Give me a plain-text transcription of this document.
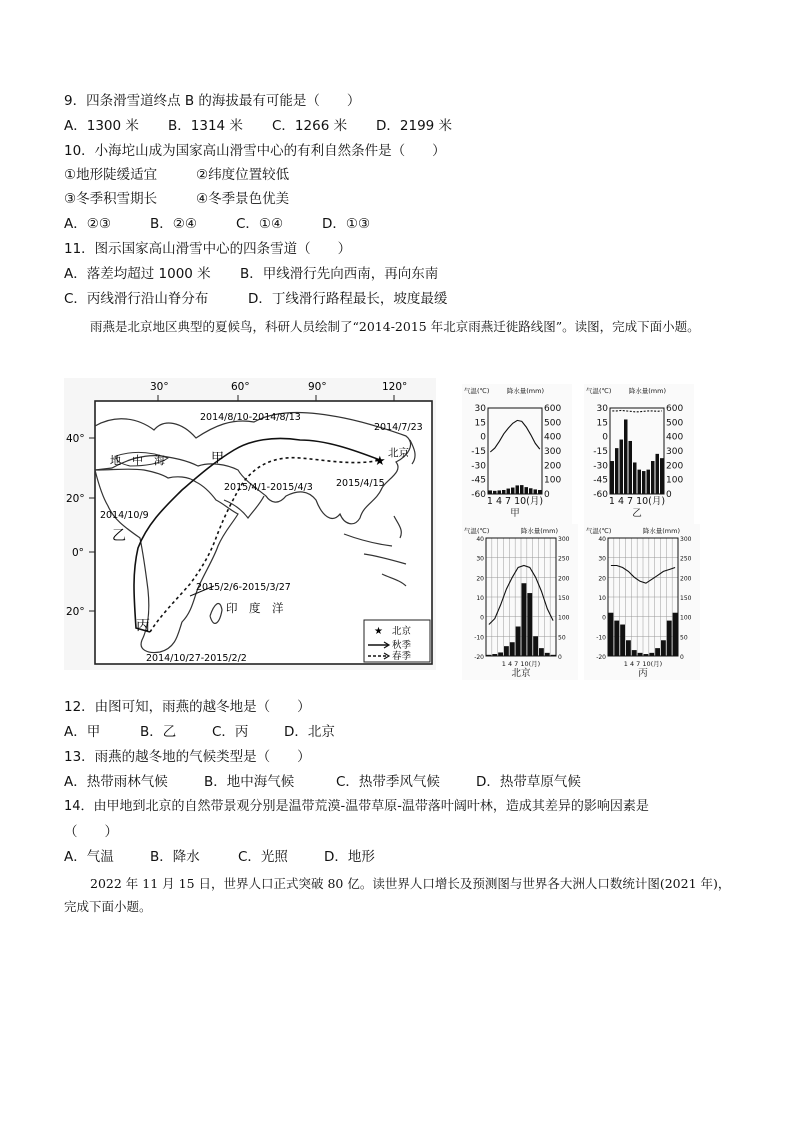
9．四条滑雪道终点 B 的海拔最有可能是（　　）
A．1300 米 B．1314 米 C．1266 米 D．2199 米
10．小海坨山成为国家高山滑雪中心的有利自然条件是（　　）
①地形陡缓适宜	②纬度位置较低
③冬季积雪期长	④冬季景色优美
A．②③	B．②④	C．①④	D．①③
11．图示国家高山滑雪中心的四条雪道（　　）
A．落差均超过 1000 米 B．甲线滑行先向西南，再向东南
C．丙线滑行沿山脊分布	D．丁线滑行路程最长，坡度最缓
雨燕是北京地区典型的夏候鸟，科研人员绘制了“2014-2015 年北京雨燕迁徙路线图”。读图，完成下面小题。
30°	60°	90°	120°
40°
20°
0°
20°
★
北京
地　中　海	甲
乙
丙
印　度　洋
2014/8/10-2014/8/13
2014/7/23
2015/4/1-2015/4/3 2015/4/15
2014/10/9
2015/2/6-2015/3/27
2014/10/27-2015/2/2
★ 北京
秋季
春季
气温(℃)	降水量(mm)
30
15
0
-15
-30
-45
-60
600
500
400
300
200
100
0
1 4 7 10(月)
甲
气温(℃)	降水量(mm)
30
15
0
-15
-30
-45
-60
600
500
400
300
200
100
0
1 4 7 10(月)
乙
气温(℃)	降水量(mm)
40
30
20
10
0
-10
-20
300
250
200
150
100
50
0
1 4 7 10(月)
北京
气温(℃)	降水量(mm)
40
30
20
10
0
-10
-20
300
250
200
150
100
50
0
1 4 7 10(月)
丙
12．由图可知，雨燕的越冬地是（　　）
A．甲	B．乙	C．丙	D．北京
13．雨燕的越冬地的气候类型是（　　）
A．热带雨林气候	B．地中海气候	C．热带季风气候	D．热带草原气候
14．由甲地到北京的自然带景观分别是温带荒漠-温带草原-温带落叶阔叶林，造成其差异的影响因素是
（　　）
A．气温	B．降水	C．光照	D．地形
2022 年 11 月 15 日，世界人口正式突破 80 亿。读世界人口增长及预测图与世界各大洲人口数统计图(2021 年)，完成下面小题。
